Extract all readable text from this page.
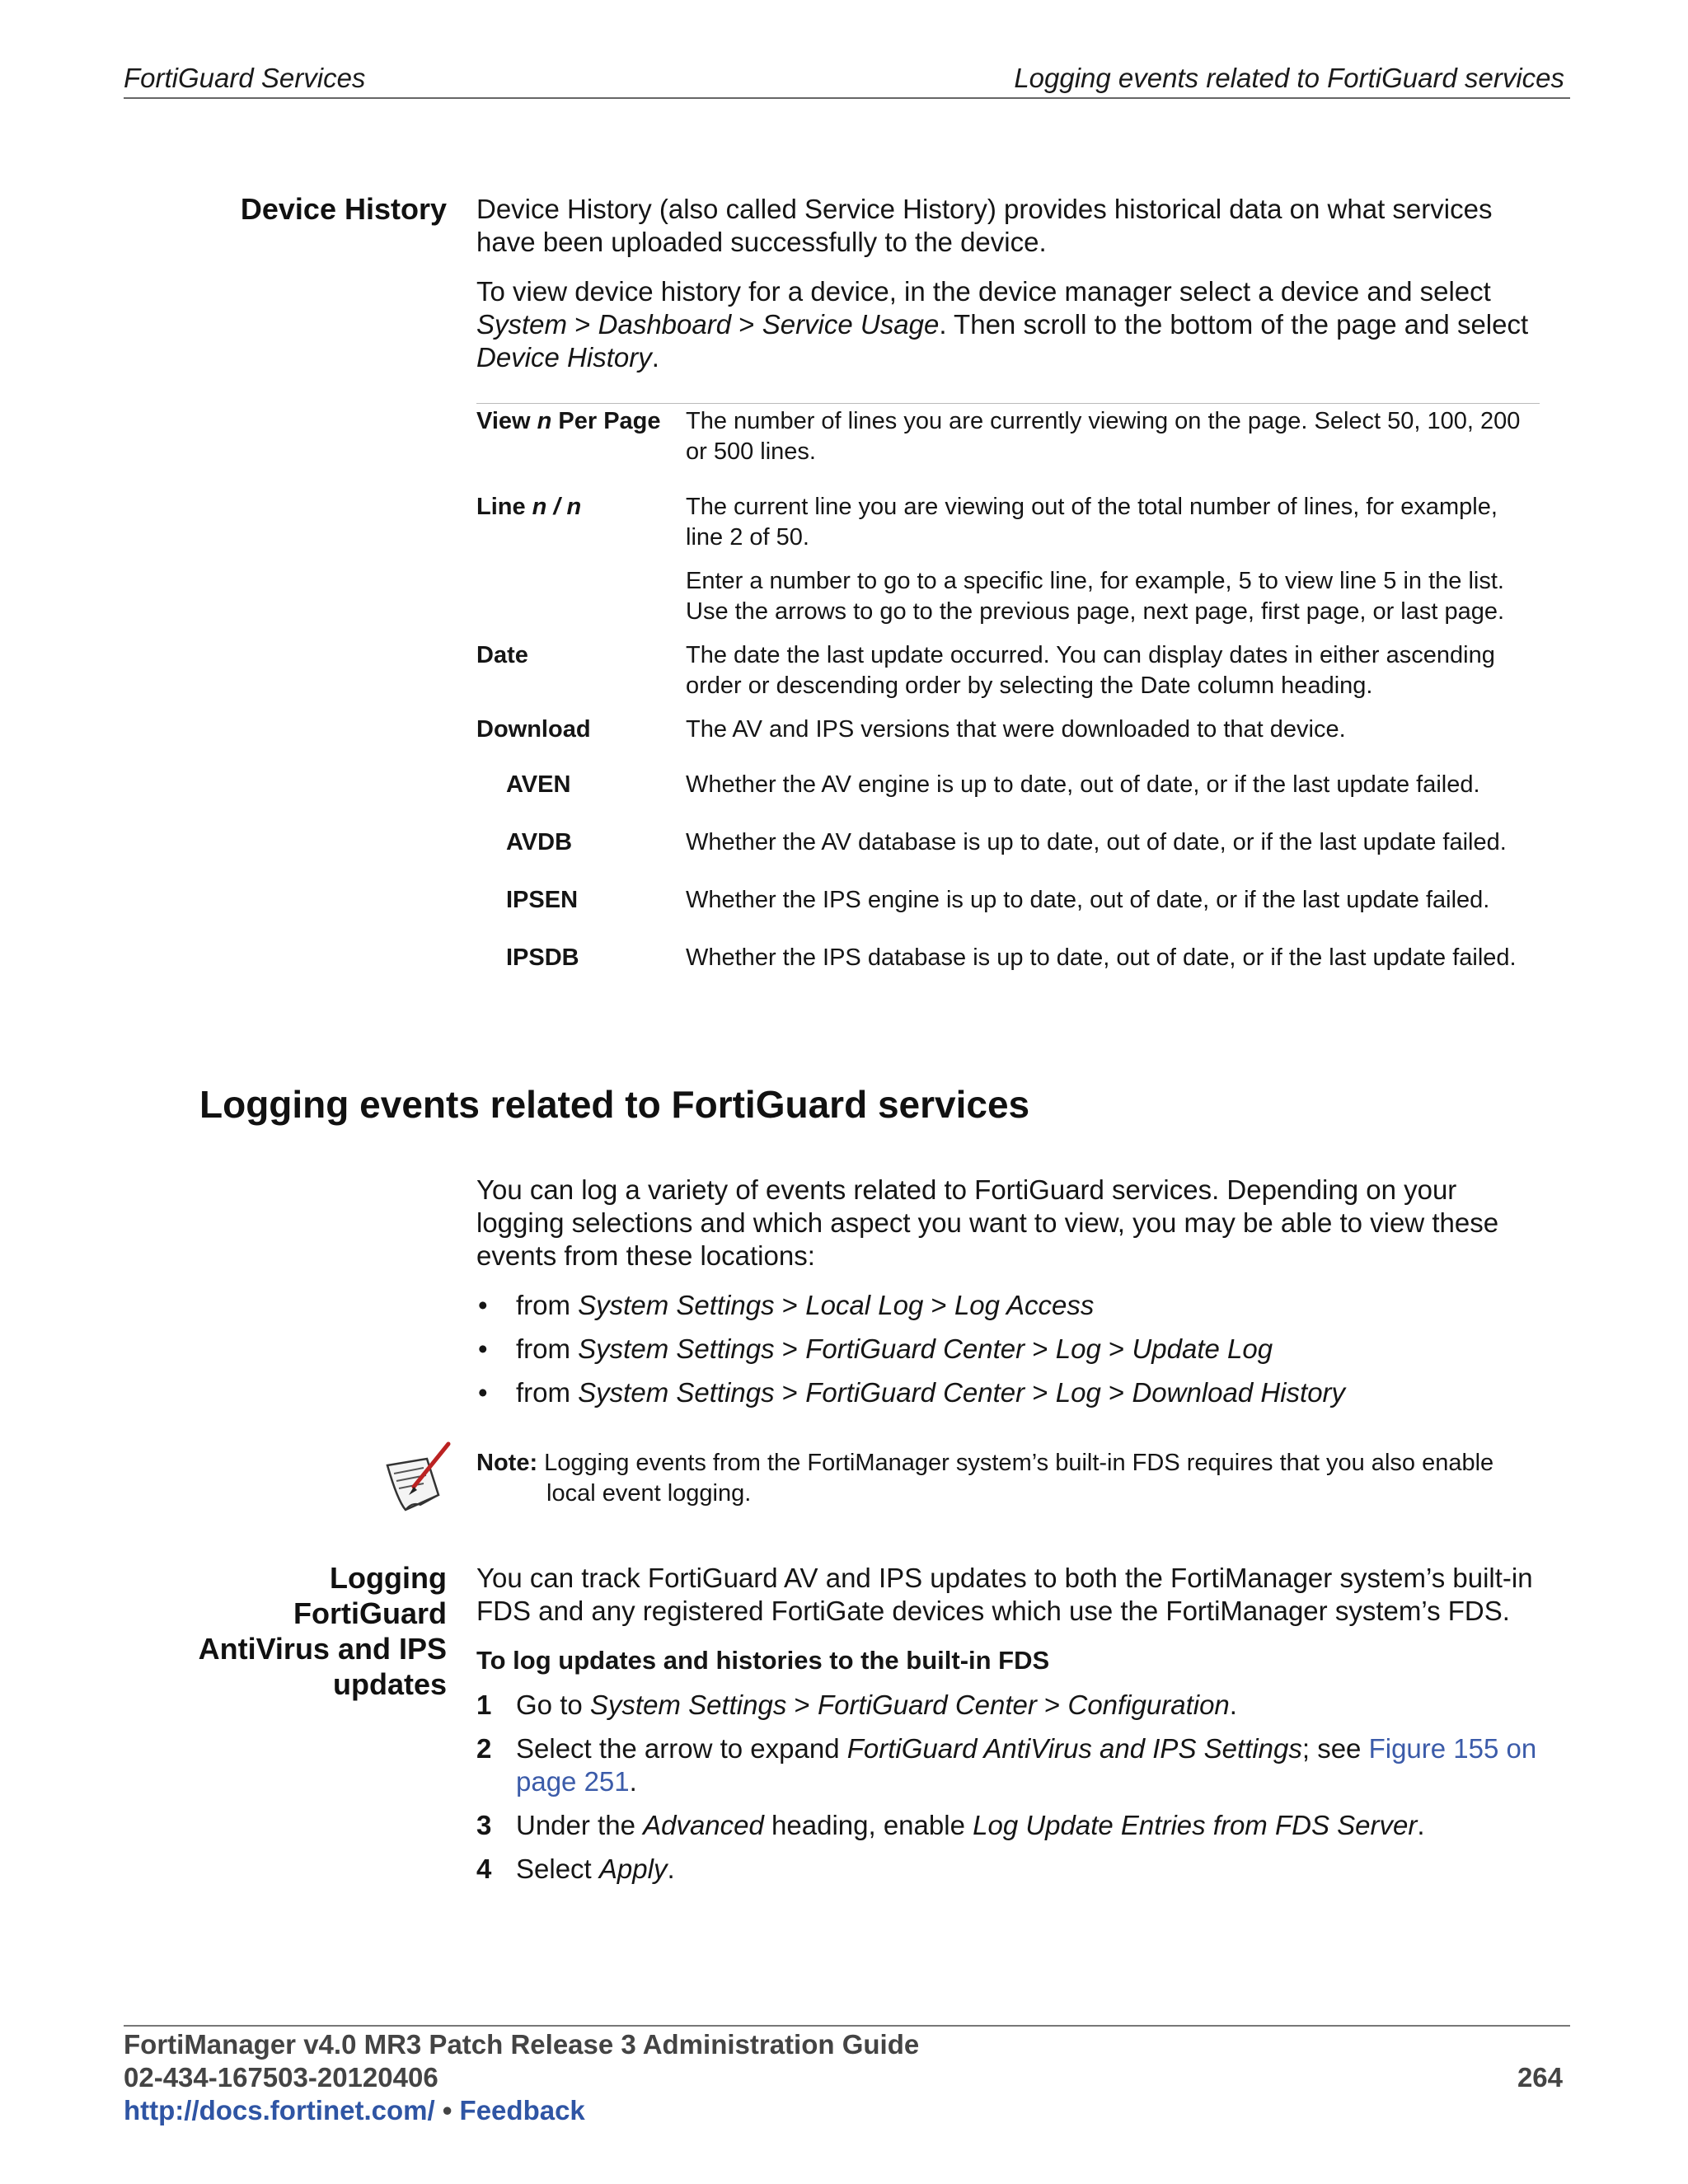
FortiGuard Services	Logging events related to FortiGuard services
Device History Device History (also called Service History) provides historical data on what services have been uploaded successfully to the device.

To view device history for a device, in the device manager select a device and select System > Dashboard > Service Usage. Then scroll to the bottom of the page and select Device History.

View n Per Page	The number of lines you are currently viewing on the page. Select 50, 100, 200 or 500 lines.
Line n / n	The current line you are viewing out of the total number of lines, for example, line 2 of 50.
	Enter a number to go to a specific line, for example, 5 to view line 5 in the list. Use the arrows to go to the previous page, next page, first page, or last page.
Date	The date the last update occurred. You can display dates in either ascending order or descending order by selecting the Date column heading.
Download	The AV and IPS versions that were downloaded to that device.
AVEN	Whether the AV engine is up to date, out of date, or if the last update failed.
AVDB	Whether the AV database is up to date, out of date, or if the last update failed.
IPSEN	Whether the IPS engine is up to date, out of date, or if the last update failed.
IPSDB	Whether the IPS database is up to date, out of date, or if the last update failed.
Logging events related to FortiGuard services

You can log a variety of events related to FortiGuard services. Depending on your logging selections and which aspect you want to view, you may be able to view these events from these locations:

• from System Settings > Local Log > Log Access
• from System Settings > FortiGuard Center > Log > Update Log
• from System Settings > FortiGuard Center > Log > Download History
Note: Logging events from the FortiManager system’s built-in FDS requires that you also enable local event logging.
Logging
FortiGuard
AntiVirus and IPS
updates

You can track FortiGuard AV and IPS updates to both the FortiManager system’s built-in FDS and any registered FortiGate devices which use the FortiManager system’s FDS.

To log updates and histories to the built-in FDS
1 Go to System Settings > FortiGuard Center > Configuration.
2 Select the arrow to expand FortiGuard AntiVirus and IPS Settings; see Figure 155 on page 251.
3 Under the Advanced heading, enable Log Update Entries from FDS Server.
4 Select Apply.
FortiManager v4.0 MR3 Patch Release 3 Administration Guide
02-434-167503-20120406	264
http://docs.fortinet.com/ • Feedback
